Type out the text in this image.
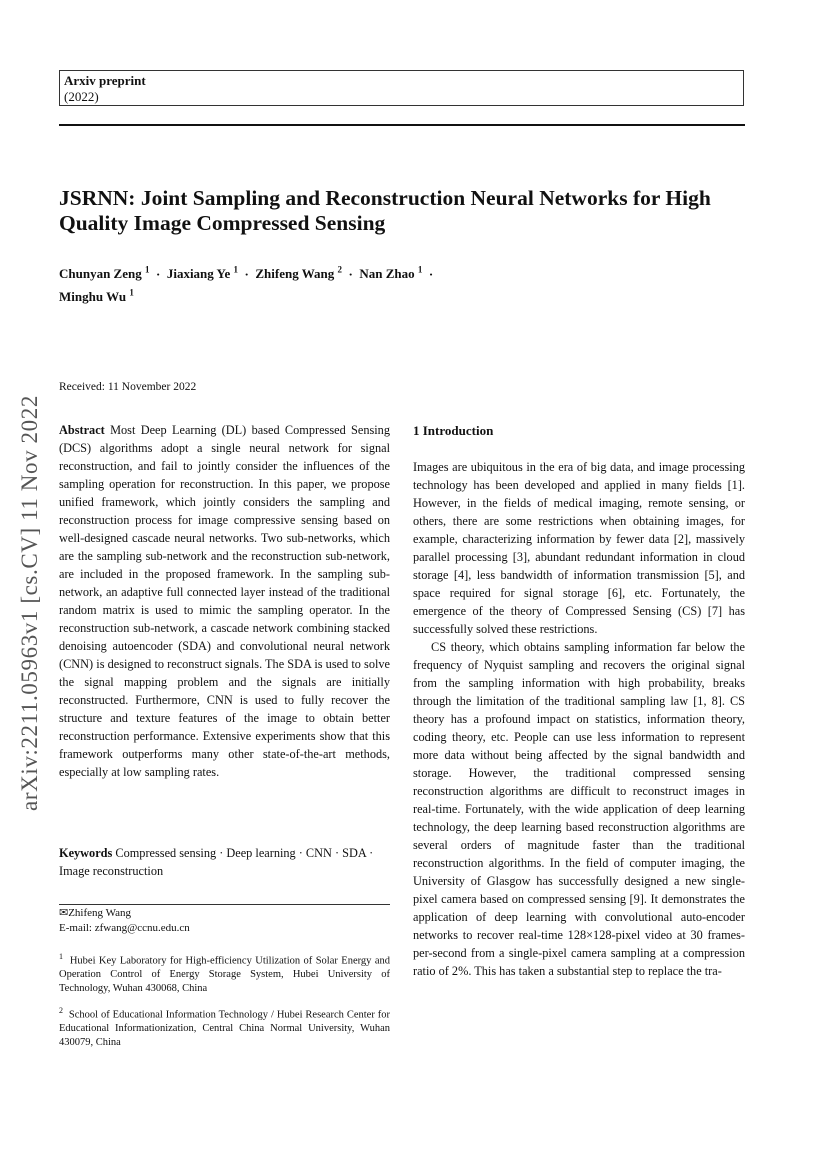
Arxiv preprint
(2022)
arXiv:2211.05963v1 [cs.CV] 11 Nov 2022
JSRNN: Joint Sampling and Reconstruction Neural Networks for High Quality Image Compressed Sensing
Chunyan Zeng $^1$  ·  Jiaxiang Ye $^1$  ·  Zhifeng Wang $^2$  ·  Nan Zhao $^1$  ·
Minghu Wu $^1$
Received: 11 November 2022
Abstract Most Deep Learning (DL) based Compressed Sensing (DCS) algorithms adopt a single neural network for signal reconstruction, and fail to jointly consider the influences of the sampling operation for reconstruction. In this paper, we propose unified framework, which jointly considers the sampling and reconstruction process for image compressive sensing based on well-designed cascade neural networks. Two sub-networks, which are the sampling sub-network and the reconstruction sub-network, are included in the proposed framework. In the sampling sub-network, an adaptive full connected layer instead of the traditional random matrix is used to mimic the sampling operator. In the reconstruction sub-network, a cascade network combining stacked denoising autoencoder (SDA) and convolutional neural network (CNN) is designed to reconstruct signals. The SDA is used to solve the signal mapping problem and the signals are initially reconstructed. Furthermore, CNN is used to fully recover the structure and texture features of the image to obtain better reconstruction performance. Extensive experiments show that this framework outperforms many other state-of-the-art methods, especially at low sampling rates.
Keywords Compressed sensing · Deep learning · CNN · SDA · Image reconstruction
✉Zhifeng Wang
E-mail: zfwang@ccnu.edu.cn
$^1$ Hubei Key Laboratory for High-efficiency Utilization of Solar Energy and Operation Control of Energy Storage System, Hubei University of Technology, Wuhan 430068, China
$^2$ School of Educational Information Technology / Hubei Research Center for Educational Informationization, Central China Normal University, Wuhan 430079, China
1 Introduction

Images are ubiquitous in the era of big data, and image processing technology has been developed and applied in many fields [1]. However, in the fields of medical imaging, remote sensing, or others, there are some restrictions when obtaining images, for example, characterizing information by fewer data [2], massively parallel processing [3], abundant redundant information in cloud storage [4], less bandwidth of information transmission [5], and space required for signal storage [6], etc. Fortunately, the emergence of the theory of Compressed Sensing (CS) [7] has successfully solved these restrictions.

CS theory, which obtains sampling information far below the frequency of Nyquist sampling and recovers the original signal from the sampling information with high probability, breaks through the limitation of the traditional sampling law [1, 8]. CS theory has a profound impact on statistics, information theory, coding theory, etc. People can use less information to represent more data without being affected by the signal bandwidth and storage. However, the traditional compressed sensing reconstruction algorithms are difficult to reconstruct images in real-time. Fortunately, with the wide application of deep learning technology, the deep learning based reconstruction algorithms are several orders of magnitude faster than the traditional reconstruction algorithms. In the field of computer imaging, the University of Glasgow has successfully designed a new single-pixel camera based on compressed sensing [9]. It demonstrates the application of deep learning with convolutional auto-encoder networks to recover real-time 128×128-pixel video at 30 frames-per-second from a single-pixel camera sampling at a compression ratio of 2%. This has taken a substantial step to replace the tra-
